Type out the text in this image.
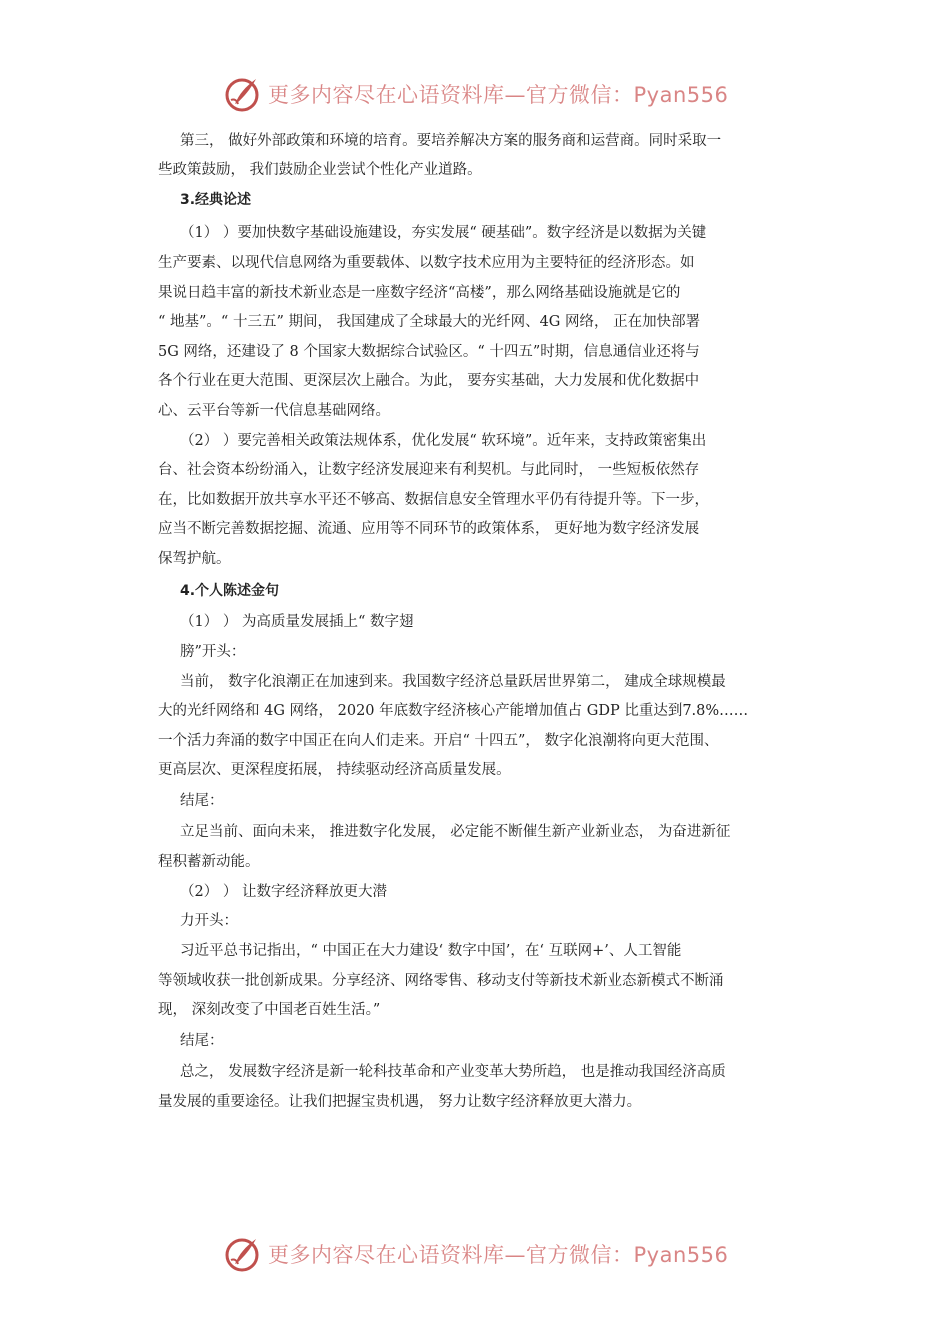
更多内容尽在心语资料库—官方微信：Pyan556
第三， 做好外部政策和环境的培育。要培养解决方案的服务商和运营商。同时采取一
些政策鼓励， 我们鼓励企业尝试个性化产业道路。
3.经典论述
（1） ）要加快数字基础设施建设，夯实发展“ 硬基础”。数字经济是以数据为关键
生产要素、以现代信息网络为重要载体、以数字技术应用为主要特征的经济形态。如
果说日趋丰富的新技术新业态是一座数字经济“高楼”，那么网络基础设施就是它的
“ 地基”。“ 十三五” 期间， 我国建成了全球最大的光纤网、4G 网络， 正在加快部署
5G 网络，还建设了 8 个国家大数据综合试验区。“ 十四五”时期，信息通信业还将与
各个行业在更大范围、更深层次上融合。为此， 要夯实基础，大力发展和优化数据中
心、云平台等新一代信息基础网络。
（2） ）要完善相关政策法规体系，优化发展“ 软环境”。近年来，支持政策密集出
台、社会资本纷纷涌入，让数字经济发展迎来有利契机。与此同时， 一些短板依然存
在，比如数据开放共享水平还不够高、数据信息安全管理水平仍有待提升等。下一步，
应当不断完善数据挖掘、流通、应用等不同环节的政策体系， 更好地为数字经济发展
保驾护航。
4.个人陈述金句
（1） ） 为高质量发展插上“ 数字翅
膀”开头：
当前， 数字化浪潮正在加速到来。我国数字经济总量跃居世界第二， 建成全球规模最
大的光纤网络和 4G 网络， 2020 年底数字经济核心产能增加值占 GDP 比重达到7.8%……
一个活力奔涌的数字中国正在向人们走来。开启“ 十四五”， 数字化浪潮将向更大范围、
更高层次、更深程度拓展， 持续驱动经济高质量发展。
结尾：
立足当前、面向未来， 推进数字化发展， 必定能不断催生新产业新业态， 为奋进新征
程积蓄新动能。
（2） ） 让数字经济释放更大潜
力开头：
习近平总书记指出，“ 中国正在大力建设‘ 数字中国’，在‘ 互联网+’、人工智能
等领域收获一批创新成果。分享经济、网络零售、移动支付等新技术新业态新模式不断涌
现， 深刻改变了中国老百姓生活。”
结尾：
总之， 发展数字经济是新一轮科技革命和产业变革大势所趋， 也是推动我国经济高质
量发展的重要途径。让我们把握宝贵机遇， 努力让数字经济释放更大潜力。
更多内容尽在心语资料库—官方微信：Pyan556
